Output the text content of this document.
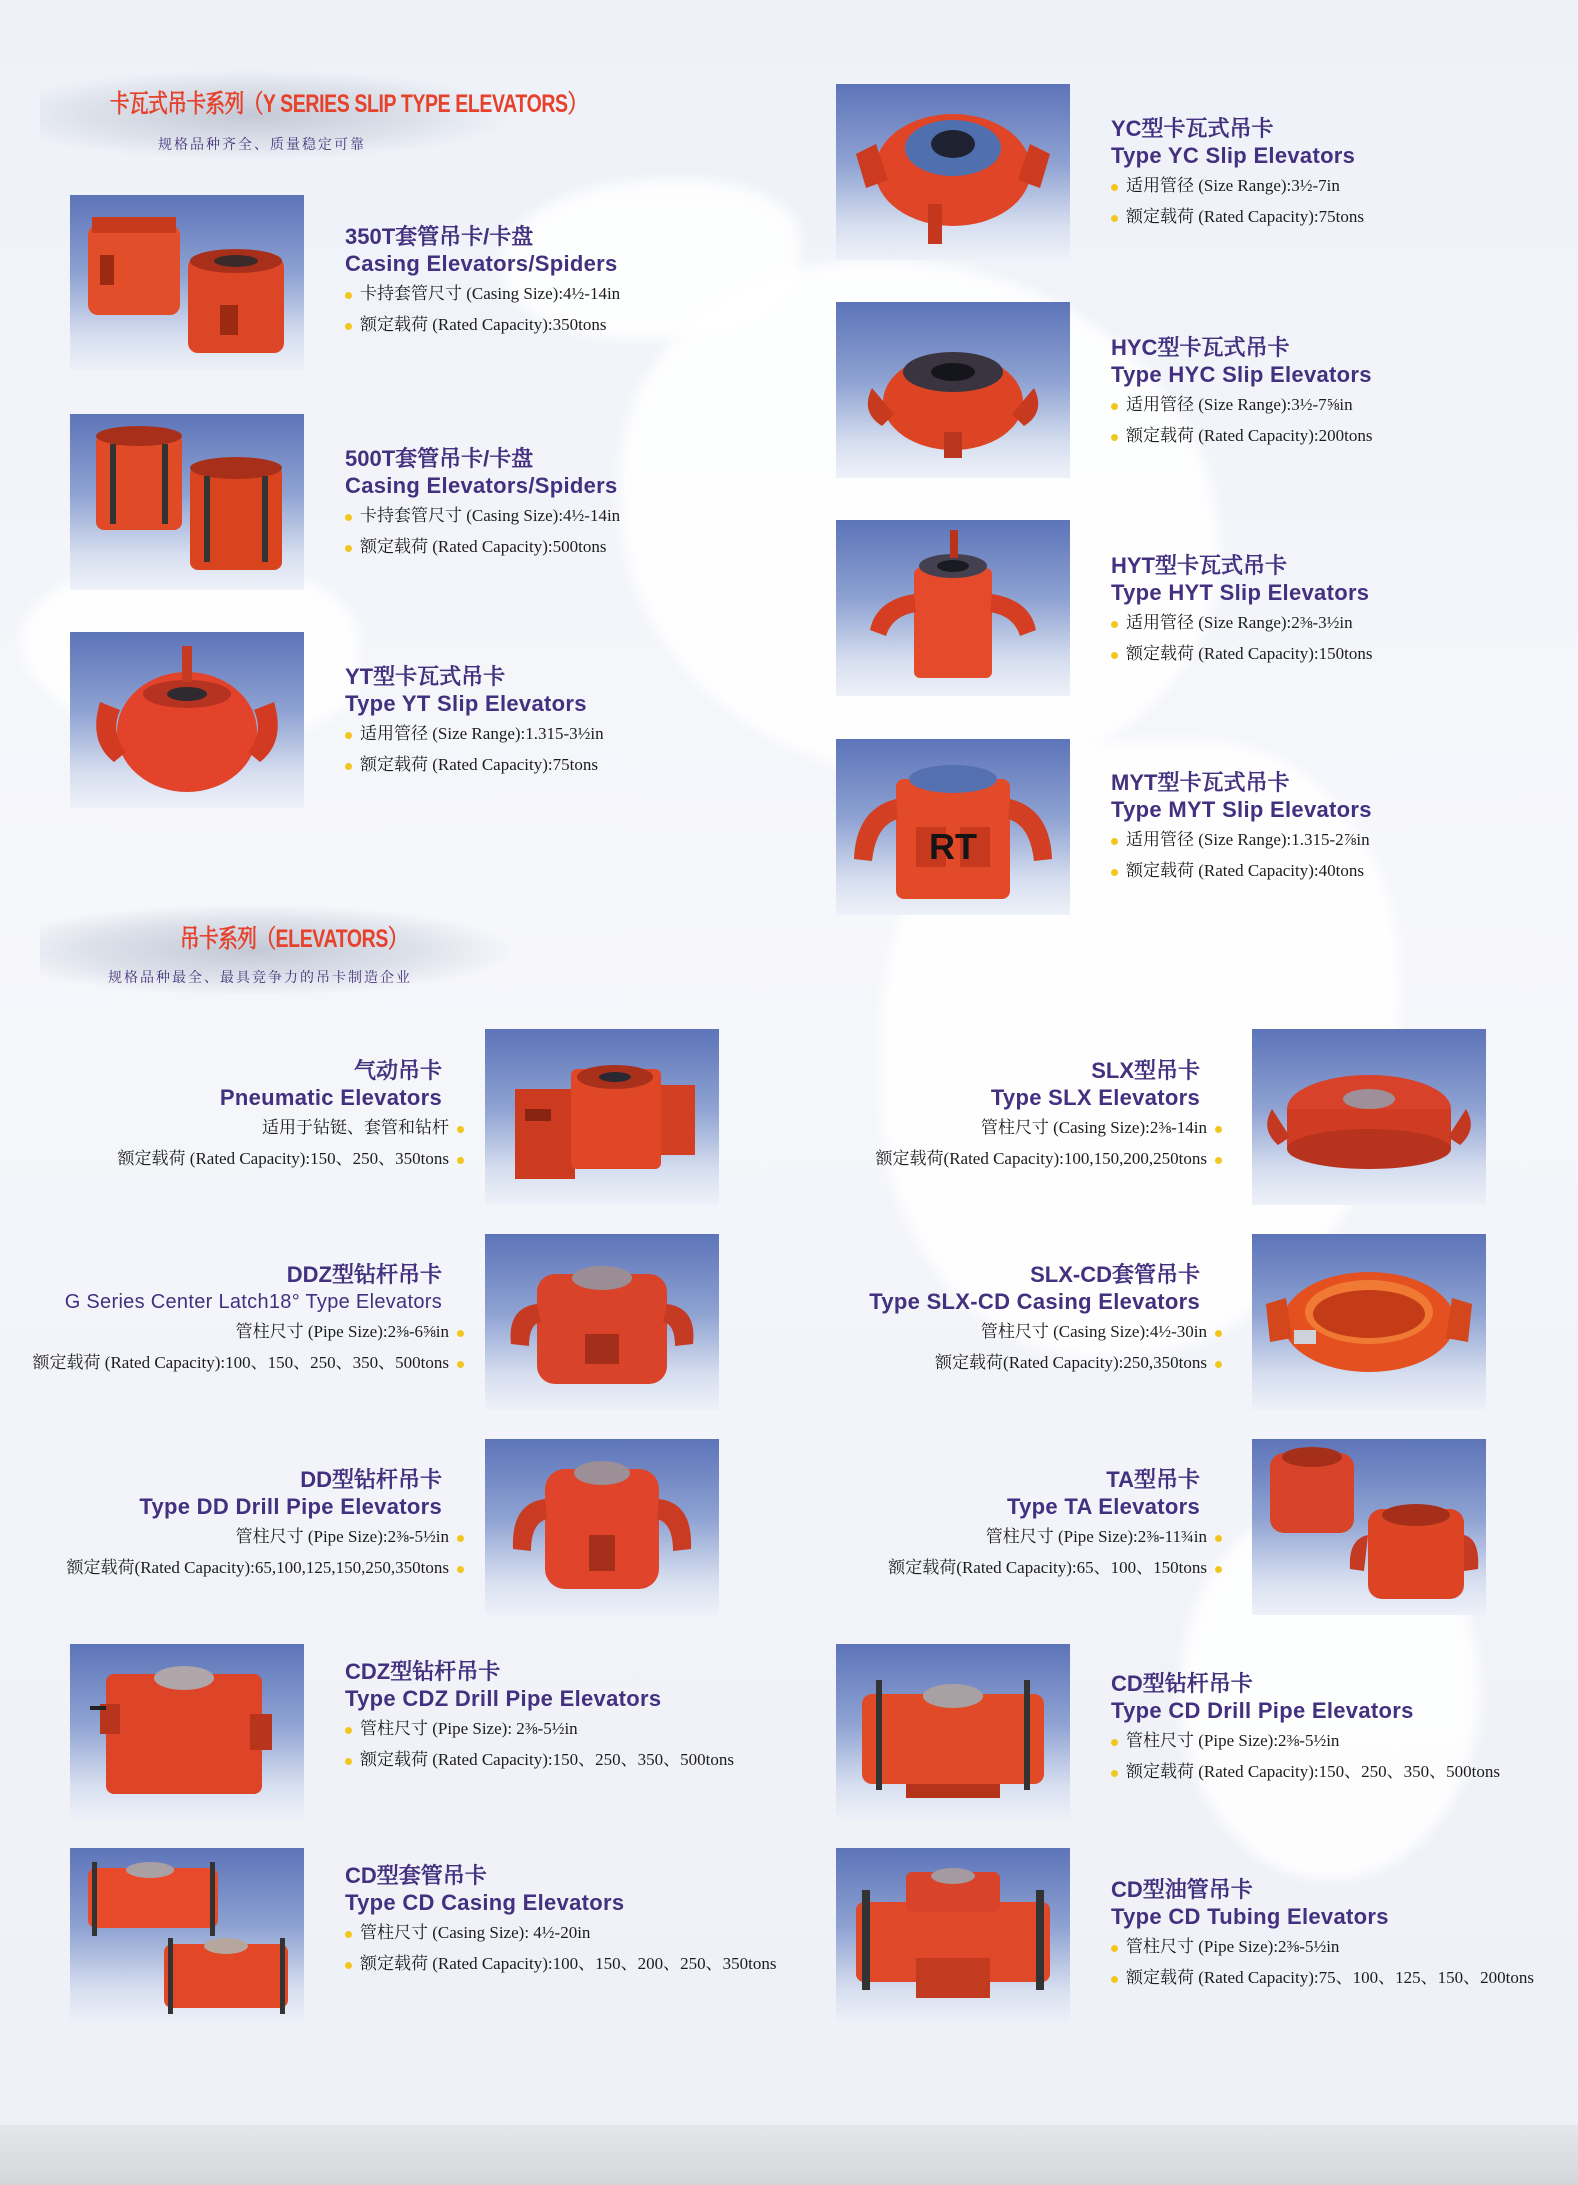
卡瓦式吊卡系列（Y SERIES SLIP TYPE ELEVATORS）
规格品种齐全、质量稳定可靠
吊卡系列（ELEVATORS）
规格品种最全、最具竞争力的吊卡制造企业
350T套管吊卡/卡盘
Casing Elevators/Spiders
卡持套管尺寸 (Casing Size):4½-14in
额定载荷 (Rated Capacity):350tons
500T套管吊卡/卡盘
Casing Elevators/Spiders
卡持套管尺寸 (Casing Size):4½-14in
额定载荷 (Rated Capacity):500tons
YT型卡瓦式吊卡
Type YT Slip Elevators
适用管径 (Size Range):1.315-3½in
额定载荷 (Rated Capacity):75tons
YC型卡瓦式吊卡
Type YC Slip Elevators
适用管径 (Size Range):3½-7in
额定载荷 (Rated Capacity):75tons
HYC型卡瓦式吊卡
Type HYC Slip Elevators
适用管径 (Size Range):3½-7⅝in
额定载荷 (Rated Capacity):200tons
HYT型卡瓦式吊卡
Type HYT Slip Elevators
适用管径 (Size Range):2⅜-3½in
额定载荷 (Rated Capacity):150tons
RT
MYT型卡瓦式吊卡
Type MYT Slip Elevators
适用管径 (Size Range):1.315-2⅞in
额定载荷 (Rated Capacity):40tons
气动吊卡
Pneumatic Elevators
适用于钻铤、套管和钻杆
额定载荷 (Rated Capacity):150、250、350tons
SLX型吊卡
Type SLX Elevators
管柱尺寸 (Casing Size):2⅜-14in
额定载荷(Rated Capacity):100,150,200,250tons
DDZ型钻杆吊卡
G Series Center Latch18° Type Elevators
管柱尺寸 (Pipe Size):2⅜-6⅝in
额定载荷 (Rated Capacity):100、150、250、350、500tons
SLX-CD套管吊卡
Type SLX-CD Casing Elevators
管柱尺寸 (Casing Size):4½-30in
额定载荷(Rated Capacity):250,350tons
DD型钻杆吊卡
Type DD Drill Pipe Elevators
管柱尺寸 (Pipe Size):2⅜-5½in
额定载荷(Rated Capacity):65,100,125,150,250,350tons
TA型吊卡
Type TA Elevators
管柱尺寸 (Pipe Size):2⅜-11¾in
额定载荷(Rated Capacity):65、100、150tons
CDZ型钻杆吊卡
Type CDZ Drill Pipe Elevators
管柱尺寸 (Pipe Size): 2⅜-5½in
额定载荷 (Rated Capacity):150、250、350、500tons
CD型钻杆吊卡
Type CD Drill Pipe Elevators
管柱尺寸 (Pipe Size):2⅜-5½in
额定载荷 (Rated Capacity):150、250、350、500tons
CD型套管吊卡
Type CD Casing Elevators
管柱尺寸 (Casing Size): 4½-20in
额定载荷 (Rated Capacity):100、150、200、250、350tons
CD型油管吊卡
Type CD Tubing Elevators
管柱尺寸 (Pipe Size):2⅜-5½in
额定载荷 (Rated Capacity):75、100、125、150、200tons
